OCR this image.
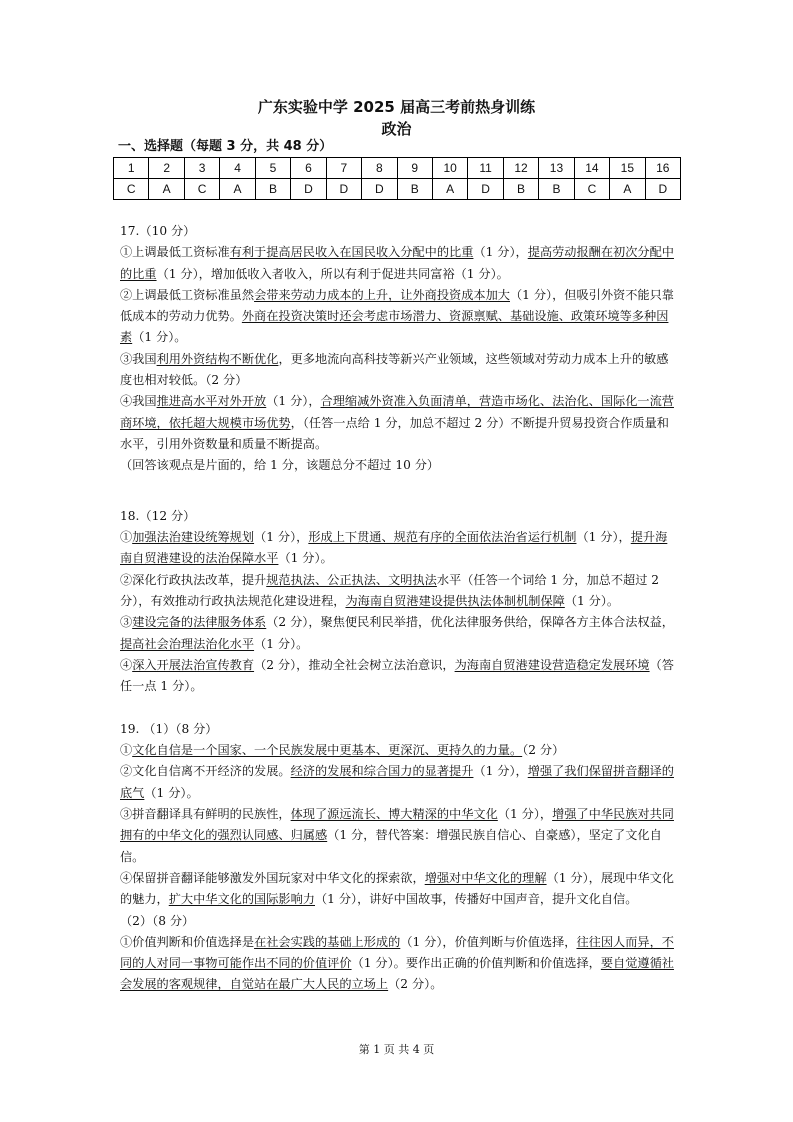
广东实验中学 2025 届高三考前热身训练
政治
一、选择题（每题 3 分，共 48 分）
1	2	3	4	5	6	7	8	9	10	11	12	13	14	15	16
C	A	C	A	B	D	D	D	B	A	D	B	B	C	A	D

17.（10 分）

①上调最低工资标准有利于提高居民收入在国民收入分配中的比重（1 分），提高劳动报酬在初次分配中的比重（1 分），增加低收入者收入，所以有利于促进共同富裕（1 分）。

②上调最低工资标准虽然会带来劳动力成本的上升，让外商投资成本加大（1 分），但吸引外资不能只靠低成本的劳动力优势。外商在投资决策时还会考虑市场潜力、资源禀赋、基础设施、政策环境等多种因素（1 分）。

③我国利用外资结构不断优化，更多地流向高科技等新兴产业领域，这些领域对劳动力成本上升的敏感度也相对较低。（2 分）

④我国推进高水平对外开放（1 分），合理缩减外资准入负面清单，营造市场化、法治化、国际化一流营商环境，依托超大规模市场优势，（任答一点给 1 分，加总不超过 2 分）不断提升贸易投资合作质量和水平，引用外资数量和质量不断提高。

（回答该观点是片面的，给 1 分，该题总分不超过 10 分）

18.（12 分）

①加强法治建设统筹规划（1 分），形成上下贯通、规范有序的全面依法治省运行机制（1 分），提升海南自贸港建设的法治保障水平（1 分）。

②深化行政执法改革，提升规范执法、公正执法、文明执法水平（任答一个词给 1 分，加总不超过 2 分），有效推动行政执法规范化建设进程，为海南自贸港建设提供执法体制机制保障（1 分）。

③建设完备的法律服务体系（2 分），聚焦便民利民举措，优化法律服务供给，保障各方主体合法权益，提高社会治理法治化水平（1 分）。

④深入开展法治宣传教育（2 分），推动全社会树立法治意识，为海南自贸港建设营造稳定发展环境（答任一点 1 分）。

19. （1）（8 分）

①文化自信是一个国家、一个民族发展中更基本、更深沉、更持久的力量。（2 分）

②文化自信离不开经济的发展。经济的发展和综合国力的显著提升（1 分），增强了我们保留拼音翻译的底气（1 分）。

③拼音翻译具有鲜明的民族性，体现了源远流长、博大精深的中华文化（1 分），增强了中华民族对共同拥有的中华文化的强烈认同感、归属感（1 分，替代答案：增强民族自信心、自豪感），坚定了文化自信。

④保留拼音翻译能够激发外国玩家对中华文化的探索欲，增强对中华文化的理解（1 分），展现中华文化的魅力，扩大中华文化的国际影响力（1 分），讲好中国故事，传播好中国声音，提升文化自信。

（2）（8 分）

①价值判断和价值选择是在社会实践的基础上形成的（1 分），价值判断与价值选择，往往因人而异，不同的人对同一事物可能作出不同的价值评价（1 分）。要作出正确的价值判断和价值选择，要自觉遵循社会发展的客观规律，自觉站在最广大人民的立场上（2 分）。

第 1 页 共 4 页
